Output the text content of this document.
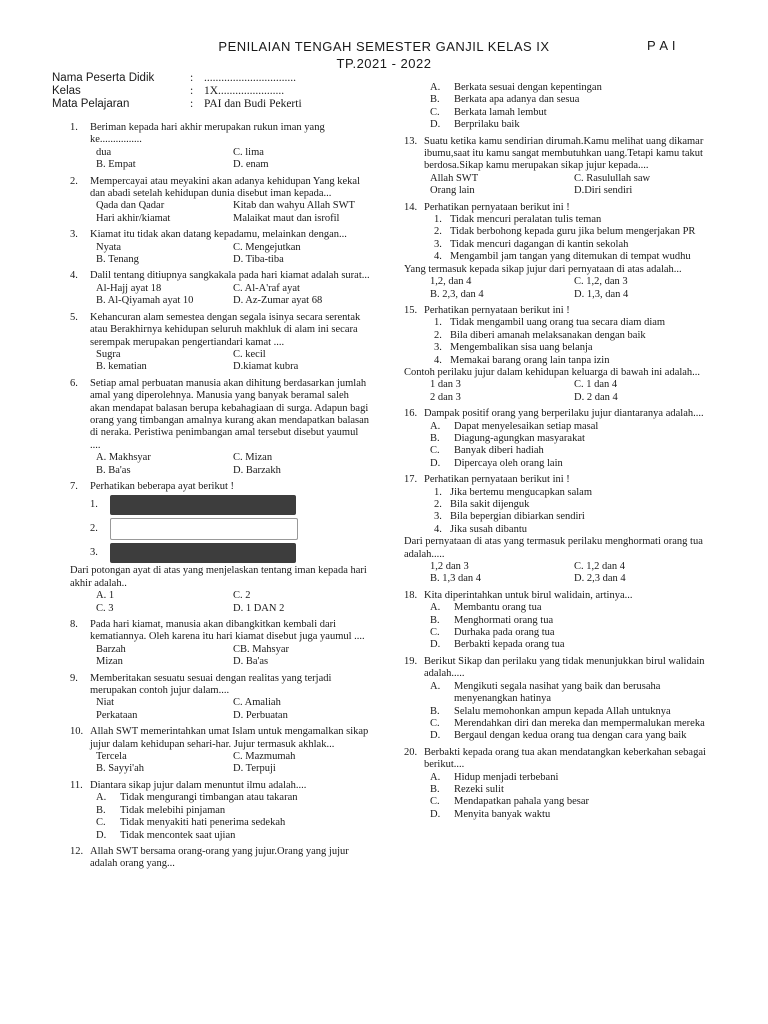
PENILAIAN TENGAH SEMESTER GANJIL KELAS IX	P A I
TP.2021 - 2022
Nama Peserta Didik	: ................................
Kelas	: 1X.......................
Mata Pelajaran	: PAI dan Budi Pekerti
1.	Beriman kepada hari akhir merupakan rukun iman yang ke................
dua	C. lima
B. Empat	D. enam
2.	Mempercayai atau meyakini akan adanya kehidupan Yang kekal dan abadi setelah kehidupan dunia disebut iman kepada...
Qada dan Qadar	Kitab dan wahyu Allah SWT
Hari akhir/kiamat	Malaikat maut dan isrofil
3.	Kiamat itu tidak akan datang kepadamu, melainkan dengan...
Nyata	C. Mengejutkan
B. Tenang	D. Tiba-tiba
4.	Dalil tentang ditiupnya sangkakala pada hari kiamat adalah surat...
Al-Hajj ayat 18	C. Al-A'raf ayat
B. Al-Qiyamah ayat 10	D. Az-Zumar ayat 68
5.	Kehancuran alam semestea dengan segala isinya secara serentak atau Berakhirnya kehidupan seluruh makhluk di alam ini secara serempak merupakan pengertiandari kamat ....
Sugra	C. kecil
B. kematian	D.kiamat kubra
6.	Setiap amal perbuatan manusia akan dihitung berdasarkan jumlah amal yang diperolehnya. Manusia yang banyak beramal saleh akan mendapat balasan berupa kebahagiaan di surga. Adapun bagi orang yang timbangan amalnya kurang akan mendapatkan balasan di neraka. Peristiwa penimbangan amal tersebut disebut yaumul ....
A. Makhsyar	C. Mizan
B. Ba'as	D. Barzakh
7.	Perhatikan beberapa ayat berikut !
1.
2.
3.
Dari potongan ayat di atas yang menjelaskan tentang iman kepada hari akhir adalah..
A. 1	C. 2
C. 3	D. 1 DAN 2
8.	Pada hari kiamat, manusia akan dibangkitkan kembali dari kematiannya. Oleh karena itu hari kiamat disebut juga yaumul ....
Barzah	CB. Mahsyar
Mizan	D. Ba'as
9.	Memberitakan sesuatu sesuai dengan realitas yang terjadi merupakan contoh jujur dalam....
Niat	C. Amaliah
Perkataan	D. Perbuatan
10. Allah SWT memerintahkan umat Islam untuk mengamalkan sikap jujur dalam kehidupan sehari-har. Jujur termasuk akhlak...
Tercela	C. Mazmumah
B. Sayyi'ah	D. Terpuji
11. Diantara sikap jujur dalam menuntut ilmu adalah....
A.	Tidak mengurangi timbangan atau takaran
B.	Tidak melebihi pinjaman
C.	Tidak menyakiti hati penerima sedekah
D.	Tidak mencontek saat ujian
12. Allah SWT bersama orang-orang yang jujur.Orang yang jujur adalah orang yang...
A.	Berkata sesuai dengan kepentingan
B.	Berkata apa adanya dan sesua
C.	Berkata lamah lembut
D.	Berprilaku baik
13. Suatu ketika kamu sendirian dirumah.Kamu melihat uang dikamar ibumu,saat itu kamu sangat membutuhkan uang.Tetapi kamu takut berdosa.Sikap kamu merupakan sikap jujur kepada....
Allah SWT	C. Rasulullah saw
Orang lain	D.Diri sendiri
14. Perhatikan pernyataan berikut ini !
1. Tidak mencuri peralatan tulis teman
2. Tidak berbohong kepada guru jika belum mengerjakan PR
3. Tidak mencuri dagangan di kantin sekolah
4. Mengambil jam tangan yang ditemukan di tempat wudhu
Yang termasuk kepada sikap jujur dari pernyataan di atas adalah...
1,2, dan 4	C. 1,2, dan 3
B. 2,3, dan 4	D. 1,3, dan 4
15. Perhatikan pernyataan berikut ini !
1. Tidak mengambil uang orang tua secara diam diam
2. Bila diberi amanah melaksanakan dengan baik
3. Mengembalikan sisa uang belanja
4. Memakai barang orang lain tanpa izin
Contoh perilaku jujur dalam kehidupan keluarga di bawah ini adalah...
1 dan 3	C. 1 dan 4
2 dan 3	D. 2 dan 4
16. Dampak positif orang yang berperilaku jujur diantaranya adalah....
A.	Dapat menyelesaikan setiap masal
B.	Diagung-agungkan masyarakat
C.	Banyak diberi hadiah
D.	Dipercaya oleh orang lain
17. Perhatikan pernyataan berikut ini !
1. Jika bertemu mengucapkan salam
2. Bila sakit dijenguk
3. Bila bepergian dibiarkan sendiri
4. Jika susah dibantu
Dari pernyataan di atas yang termasuk perilaku menghormati orang tua adalah.....
1,2 dan 3	C. 1,2 dan 4
B. 1,3 dan 4	D. 2,3 dan 4
18. Kita diperintahkan untuk birul walidain, artinya...
A.	Membantu orang tua
B.	Menghormati orang tua
C.	Durhaka pada orang tua
D.	Berbakti kepada orang tua
19. Berikut Sikap dan perilaku yang tidak menunjukkan birul walidain adalah.....
A.	Mengikuti segala nasihat yang baik dan berusaha menyenangkan hatinya
B.	Selalu memohonkan ampun kepada Allah untuknya
C.	Merendahkan diri dan mereka dan mempermalukan mereka
D.	Bergaul dengan kedua orang tua dengan cara yang baik
20. Berbakti kepada orang tua akan mendatangkan keberkahan sebagai berikut....
A.	Hidup menjadi terbebani
B.	Rezeki sulit
C.	Mendapatkan pahala yang besar
D.	Menyita banyak waktu
